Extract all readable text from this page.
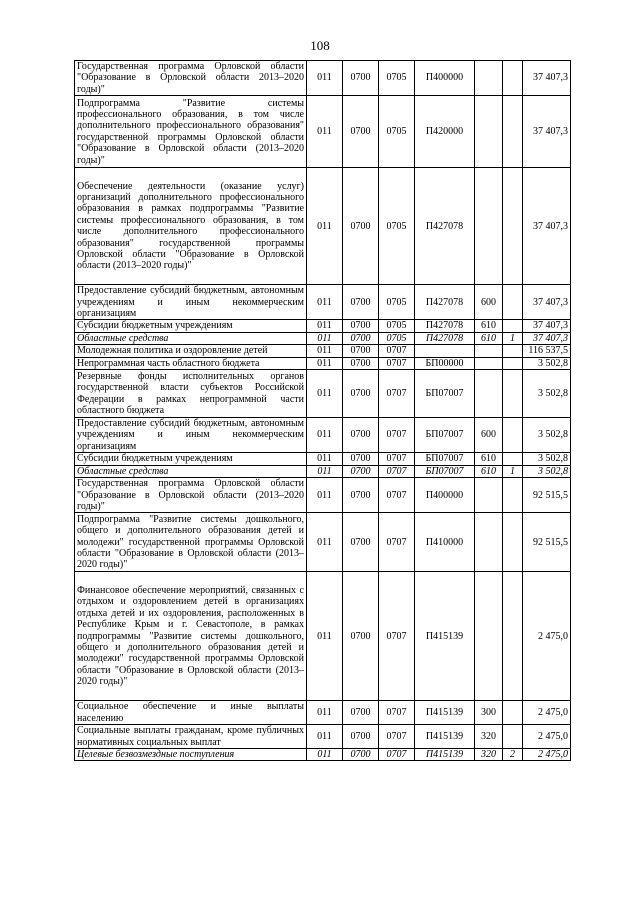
108
Государственная программа Орловской области "Образование в Орловской области 2013–2020 годы)"	011	0700	0705	П400000			37 407,3
Подпрограмма "Развитие системы профессионального образования, в том числе дополнительного профессионального образования" государственной программы Орловской области "Образование в Орловской области (2013–2020 годы)"	011	0700	0705	П420000			37 407,3
Обеспечение деятельности (оказание услуг) организаций дополнительного профессионального образования в рамках подпрограммы "Развитие системы профессионального образования, в том числе дополнительного профессионального образования" государственной программы Орловской области "Образование в Орловской области (2013–2020 годы)"	011	0700	0705	П427078			37 407,3
Предоставление субсидий бюджетным, автономным учреждениям и иным некоммерческим организациям	011	0700	0705	П427078	600		37 407,3
Субсидии бюджетным учреждениям	011	0700	0705	П427078	610		37 407,3
Областные средства	011	0700	0705	П427078	610	1	37 407,3
Молодежная политика и оздоровление детей	011	0700	0707				116 537,5
Непрограммная часть областного бюджета	011	0700	0707	БП00000			3 502,8
Резервные фонды исполнительных органов государственной власти субъектов Российской Федерации в рамках непрограммной части областного бюджета	011	0700	0707	БП07007			3 502,8
Предоставление субсидий бюджетным, автономным учреждениям и иным некоммерческим организациям	011	0700	0707	БП07007	600		3 502,8
Субсидии бюджетным учреждениям	011	0700	0707	БП07007	610		3 502,8
Областные средства	011	0700	0707	БП07007	610	1	3 502,8
Государственная программа Орловской области "Образование в Орловской области (2013–2020 годы)"	011	0700	0707	П400000			92 515,5
Подпрограмма "Развитие системы дошкольного, общего и дополнительного образования детей и молодежи" государственной программы Орловской области "Образование в Орловской области (2013–2020 годы)"	011	0700	0707	П410000			92 515,5
Финансовое обеспечение мероприятий, связанных с отдыхом и оздоровлением детей в организациях отдыха детей и их оздоровления, расположенных в Республике Крым и г. Севастополе, в рамках подпрограммы "Развитие системы дошкольного, общего и дополнительного образования детей и молодежи" государственной программы Орловской области "Образование в Орловской области (2013–2020 годы)"	011	0700	0707	П415139			2 475,0
Социальное обеспечение и иные выплаты населению	011	0700	0707	П415139	300		2 475,0
Социальные выплаты гражданам, кроме публичных нормативных социальных выплат	011	0700	0707	П415139	320		2 475,0
Целевые безвозмездные поступления	011	0700	0707	П415139	320	2	2 475,0
